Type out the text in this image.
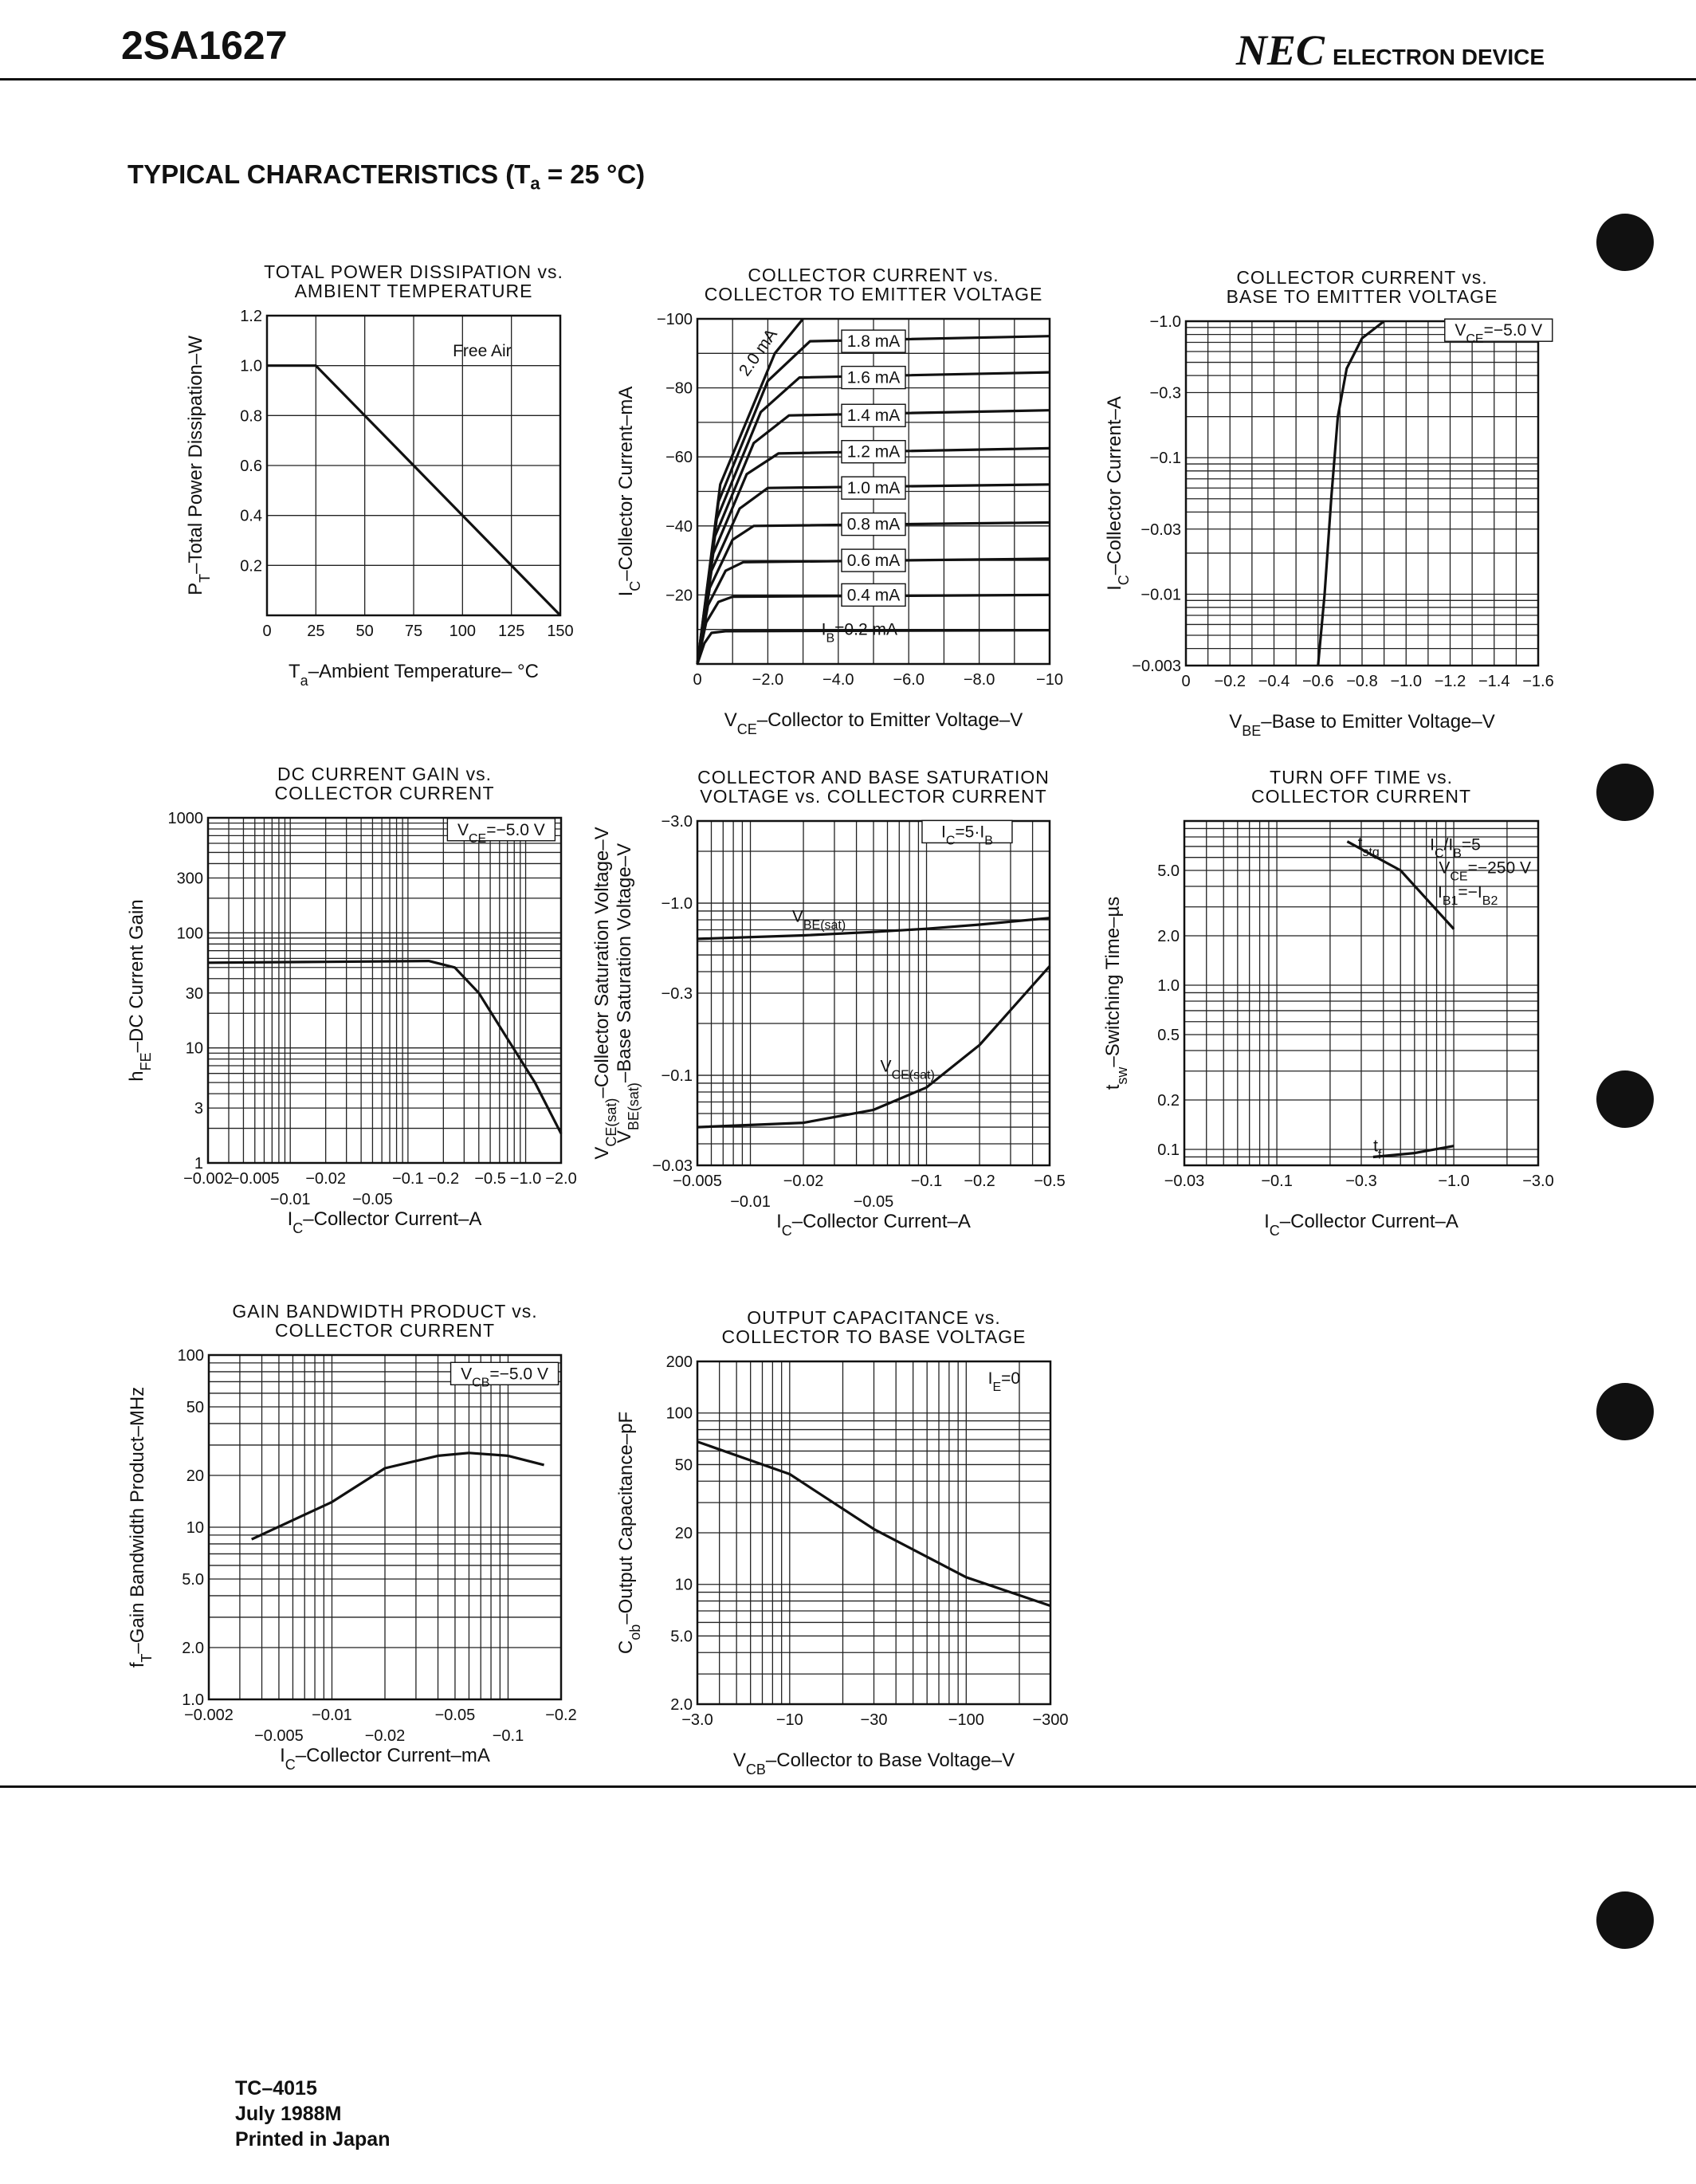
2SA1627	NEC ELECTRON DEVICE
TYPICAL CHARACTERISTICS ($T_a = 25$ °C)
TOTAL POWER DISSIPATION vs.
AMBIENT TEMPERATURE
0 25 50 75 100 125 150
0.2
0.4
0.6
0.8
1.0
1.2
$T_a$–Ambient Temperature– °C
$P_T$–Total Power Dissipation–W	Free Air
COLLECTOR CURRENT vs.
COLLECTOR TO EMITTER VOLTAGE
0	−2.0 −4.0 −6.0 −8.0	−10
−20
−40
−60
−80
−100
$V_{CE}$–Collector to Emitter Voltage–V
$I_C$–Collector Current–mA
2.0 mA	1.8 mA
1.6 mA
1.4 mA
1.2 mA
1.0 mA
0.8 mA
0.6 mA
0.4 mA
$I_B=0.2$ mA
COLLECTOR CURRENT vs.
BASE TO EMITTER VOLTAGE
0 −0.2 −0.4 −0.6 −0.8 −1.0 −1.2 −1.4 −1.6
−0.003
−0.01
−0.03
−0.1
−0.3
−1.0
$V_{BE}$–Base to Emitter Voltage–V
$I_C$–Collector Current–A
$V_{CE}=-5.0$ V
DC CURRENT GAIN vs.
COLLECTOR CURRENT
−0.002
−0.005
−0.01
−0.02
−0.05
−0.1 −0.2 −0.5 −1.0 −2.0
1
3
10
30
100
300
1000
$I_C$–Collector Current–A
$h_{FE}-DC$ Current Gain
$V_{CE}=-5.0$ V
COLLECTOR AND BASE SATURATION
VOLTAGE vs. COLLECTOR CURRENT
−0.005
−0.01
−0.02
−0.05
−0.1 −0.2 −0.5
−0.03
−0.1
−0.3
−1.0
−3.0
$I_C$–Collector Current–A
$V_{CE(sat)}$–Collector Saturation Voltage–V
$V_{BE(sat)}$–Base Saturation Voltage–V
$I_C=5\cdot I_B$
$V_{BE(sat)}$
$V_{CE(sat)}$
TURN OFF TIME vs.
COLLECTOR CURRENT
−0.03	−0.1	−0.3	−1.0	−3.0
0.1
0.2
0.5
1.0
2.0
5.0
$I_C$–Collector Current–A
$t_{sw}$–Switching Time–µs
$t_{stg}$	$I_C/I_B=5$
$V_{CE}=-250$ V
$I_{B1}=-I_{B2}$
$t_f$
GAIN BANDWIDTH PRODUCT vs.
COLLECTOR CURRENT
−0.002
−0.005
−0.01
−0.02
−0.05
−0.1
−0.2
1.0
2.0
5.0
10
20
50
100
$I_C$–Collector Current–mA
$f_T$–Gain Bandwidth Product–MHz
$V_{CB}=-5.0$ V
OUTPUT CAPACITANCE vs.
COLLECTOR TO BASE VOLTAGE
−3.0	−10	−30	−100	−300
2.0
5.0
10
20
50
100
200
$V_{CB}$–Collector to Base Voltage–V
$C_{ob}$–Output Capacitance–pF
$I_E=0$
TC–4015
July 1988M
Printed in Japan
